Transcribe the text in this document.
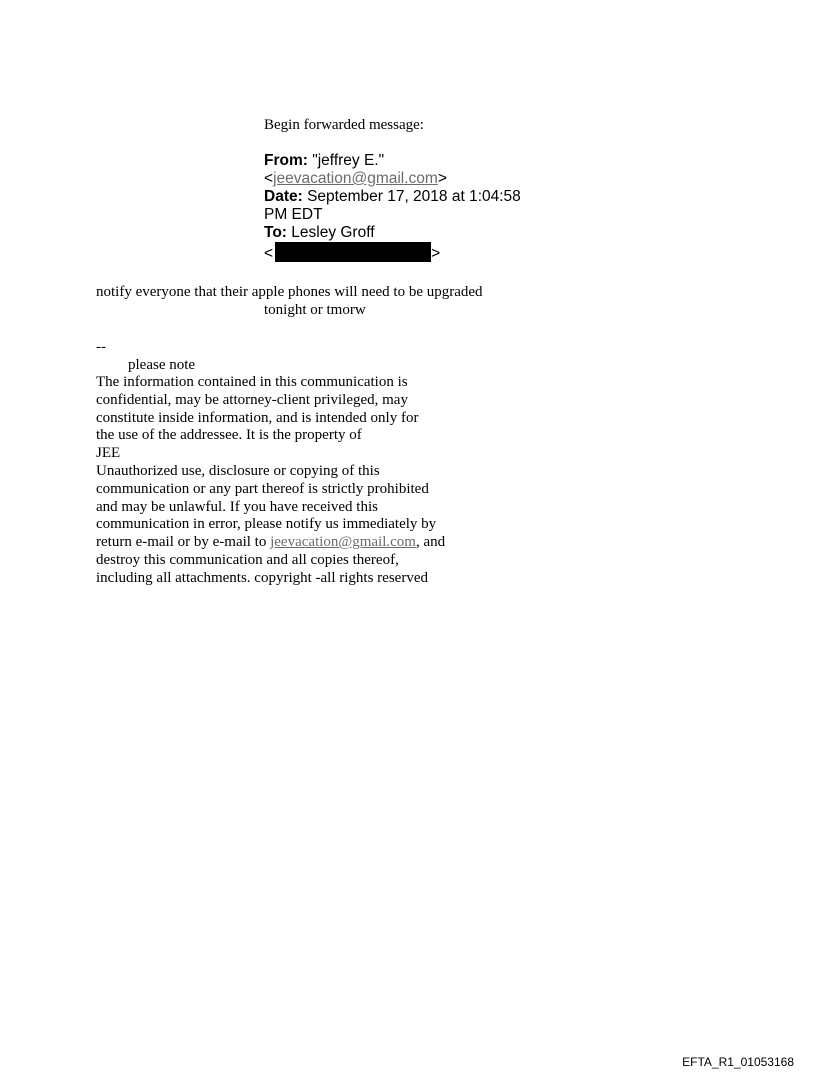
Begin forwarded message:
From: "jeffrey E."
<jeevacation@gmail.com>
Date: September 17, 2018 at 1:04:58
PM EDT
To: Lesley Groff
<	>
notify everyone that their apple phones will need to be upgraded
tonight or tmorw
--
please note
The information contained in this communication is
confidential, may be attorney-client privileged, may
constitute inside information, and is intended only for
the use of the addressee. It is the property of
JEE
Unauthorized use, disclosure or copying of this
communication or any part thereof is strictly prohibited
and may be unlawful. If you have received this
communication in error, please notify us immediately by
return e-mail or by e-mail to jeevacation@gmail.com, and
destroy this communication and all copies thereof,
including all attachments. copyright -all rights reserved
EFTA_R1_01053168
